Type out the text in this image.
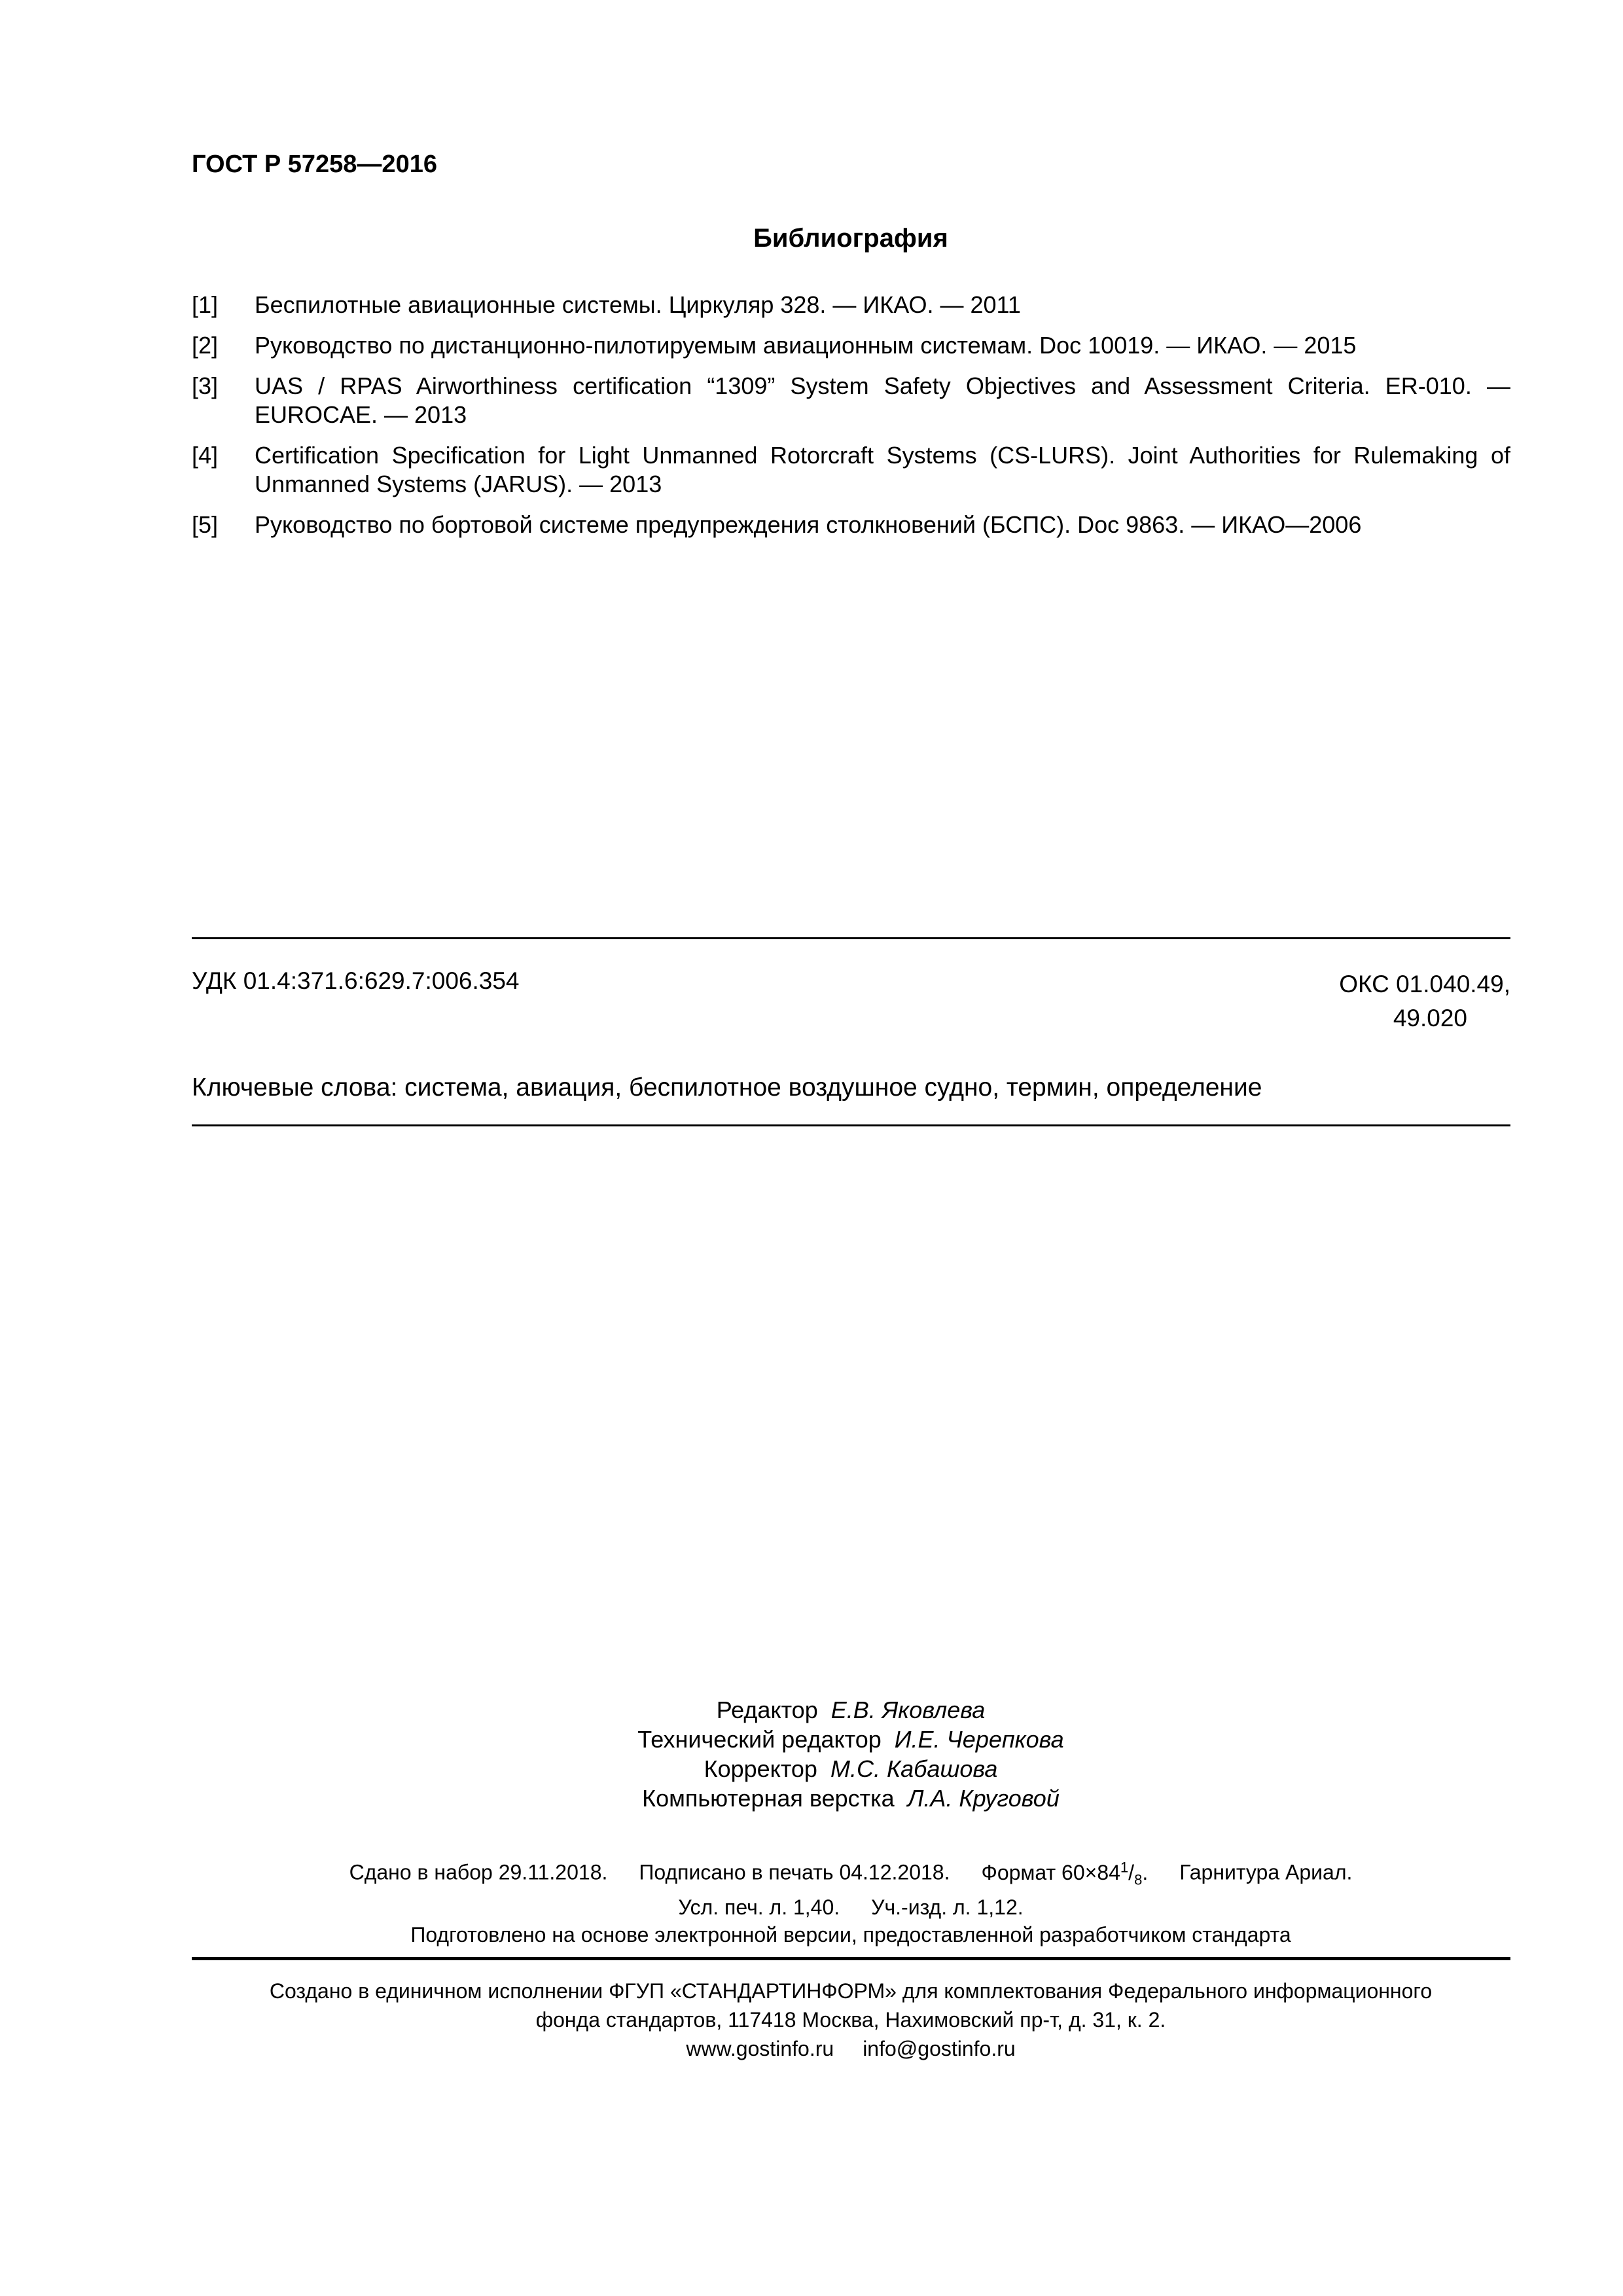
ГОСТ Р 57258—2016
Библиография
[1]	Беспилотные авиационные системы. Циркуляр 328. — ИКАО. — 2011
[2]	Руководство по дистанционно-пилотируемым авиационным системам. Doc 10019. — ИКАО. — 2015
[3]	UAS / RPAS Airworthiness certification “1309” System Safety Objectives and Assessment Criteria. ER-010. — EUROCAE. — 2013
[4]	Certification Specification for Light Unmanned Rotorcraft Systems (CS-LURS). Joint Authorities for Rulemaking of Unmanned Systems (JARUS). — 2013
[5]	Руководство по бортовой системе предупреждения столкновений (БСПС). Doc 9863. — ИКАО—2006
УДК 01.4:371.6:629.7:006.354	ОКС 01.040.49,
49.020
Ключевые слова: система, авиация, беспилотное воздушное судно, термин, определение
Редактор Е.В. Яковлева
Технический редактор И.Е. Черепкова
Корректор М.С. Кабашова
Компьютерная верстка Л.А. Круговой
Сдано в набор 29.11.2018. Подписано в печать 04.12.2018. Формат $60\times 84^1/_8$. Гарнитура Ариал.
Усл. печ. л. 1,40. Уч.-изд. л. 1,12.
Подготовлено на основе электронной версии, предоставленной разработчиком стандарта
Создано в единичном исполнении ФГУП «СТАНДАРТИНФОРМ» для комплектования Федерального информационного
фонда стандартов, 117418 Москва, Нахимовский пр-т, д. 31, к. 2.
www.gostinfo.ru info@gostinfo.ru
